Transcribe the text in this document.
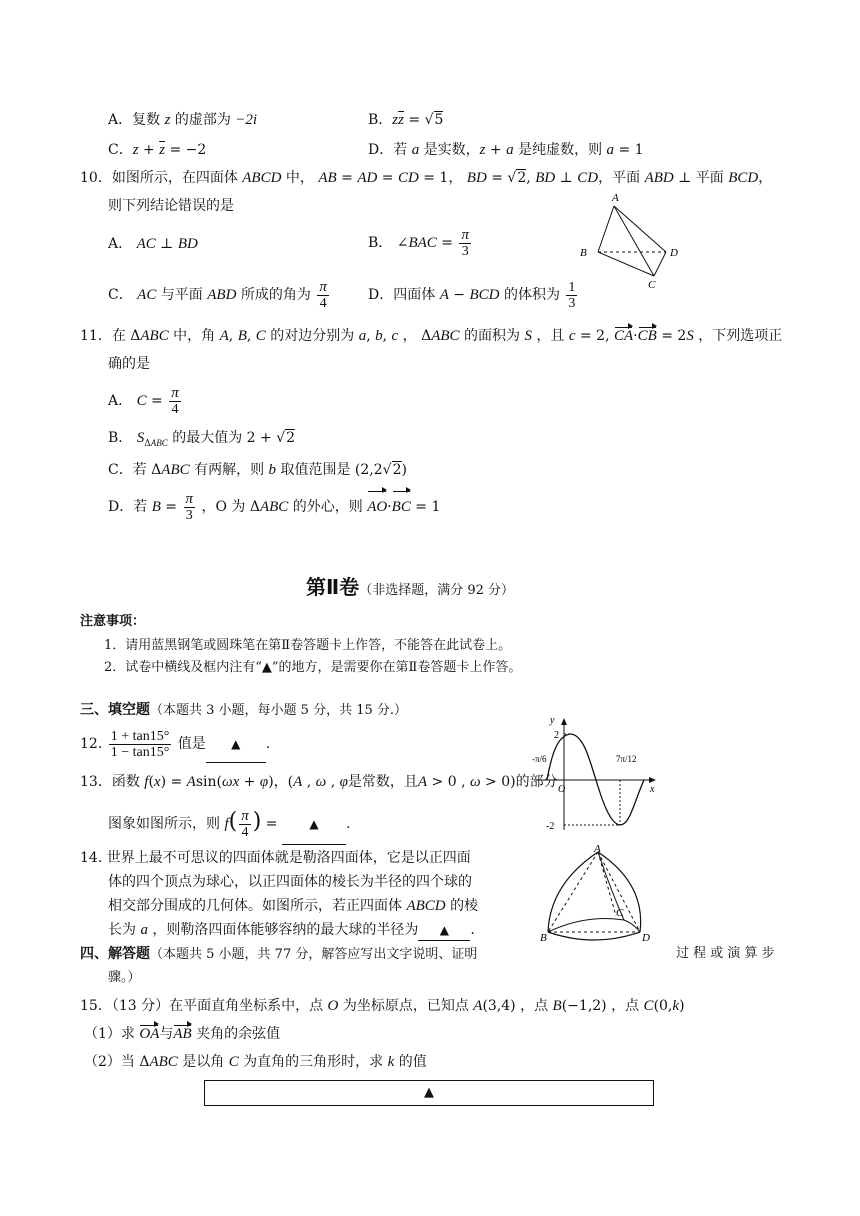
A．复数 z 的虚部为 −2i	B．$z\overline{z} = √5$
C．$z + \overline{z} = -2$	D．若 a 是实数，z + a 是纯虚数，则 a = 1
10．如图所示，在四面体 ABCD 中， AB = AD = CD = 1， BD = √2, BD ⊥ CD，平面 ABD ⊥ 平面 BCD，
则下列结论错误的是
A． AC ⊥ BD	B． ∠BAC = $\frac{\pi}{3}$
C． AC 与平面 ABD 所成的角为 $\frac{\pi}{4}$	D．四面体 A − BCD 的体积为 $\frac{1}{3}$
A
B
C
D
11．在 ΔABC 中，角 A, B, C 的对边分别为 a, b, c ， ΔABC 的面积为 S ，且 c = 2, CA·CB = 2S ，下列选项正
确的是
A． $C = \frac{\pi}{4}$
B． $S_{\Delta ABC}$ 的最大值为 2 + √2
C．若 ΔABC 有两解，则 b 取值范围是 (2,2√2)
D．若 $B = \frac{\pi}{3}$ ，O 为 ΔABC 的外心，则 AO·BC = 1
第Ⅱ卷（非选择题，满分 92 分）
注意事项：
1．请用蓝黑钢笔或圆珠笔在第Ⅱ卷答题卡上作答，不能答在此试卷上。
2．试卷中横线及框内注有“▲”的地方，是需要你在第Ⅱ卷答题卡上作答。
三、填空题（本题共 3 小题，每小题 5 分，共 15 分.）
12. $\frac{1 + \tan 15^\circ}{1 - \tan 15^\circ}$ 值是 ▲ .
13．函数 f(x) = Asin(ωx + φ)，(A , ω , φ是常数，且A > 0 , ω > 0)的部分
图象如图所示，则 $f( \frac{\pi}{4}$ ) = ▲ .
y
x
O
2
-2
-π/6	7π/12
14. 世界上最不可思议的四面体就是勒洛四面体，它是以正四面
体的四个顶点为球心，以正四面体的棱长为半径的四个球的
相交部分围成的几何体。如图所示，若正四面体 ABCD 的棱
长为 a ，则勒洛四面体能够容纳的最大球的半径为 ▲ .
A
B
C
D
四、解答题（本题共 5 小题，共 77 分，解答应写出文字说明、证明	过 程 或 演 算 步
骤。）
15．（13 分）在平面直角坐标系中，点 O 为坐标原点，已知点 A(3,4) ，点 B(−1,2) ，点 C(0,k)
（1）求 OA与AB 夹角的余弦值
（2）当 ΔABC 是以角 C 为直角的三角形时，求 k 的值
▲
